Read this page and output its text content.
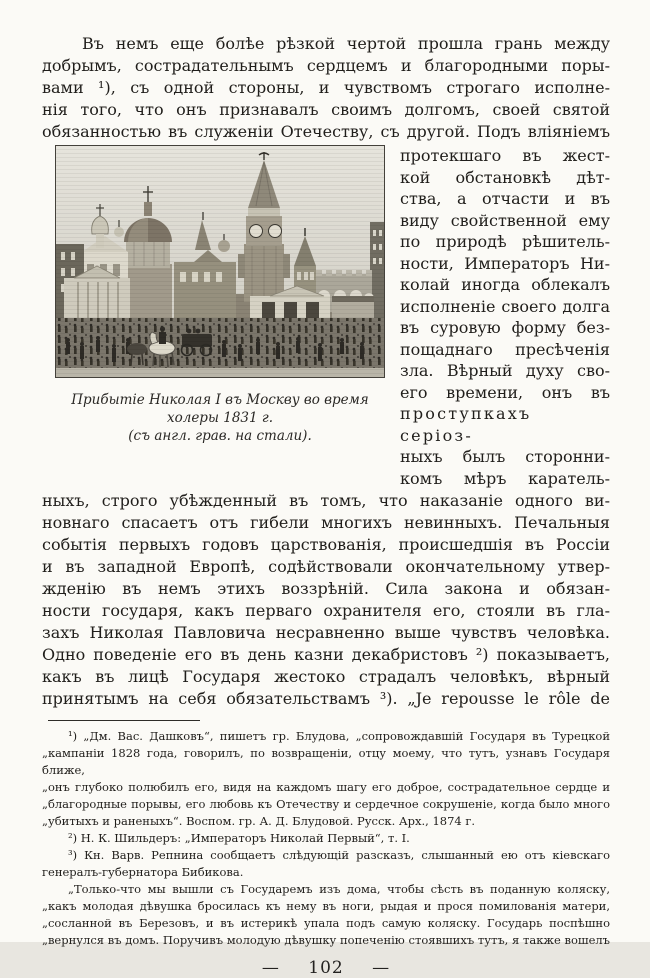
Въ немъ еще болѣе рѣзкой чертой прошла грань между
добрымъ, сострадательнымъ сердцемъ и благородными поры-
вами ¹), съ одной стороны, и чувствомъ строгаго исполне-
нія того, что онъ признавалъ своимъ долгомъ, своей святой
обязанностью въ служеніи Отечеству, съ другой. Подъ вліяніемъ
Прибытіе Николая I въ Москву во время холеры 1831 г.
(съ англ. грав. на стали).
протекшаго въ жест-
кой обстановкѣ дѣт-
ства, а отчасти и въ
виду свойственной ему
по природѣ рѣшитель-
ности, Императоръ Ни-
колай иногда облекалъ
исполненіе своего долга
въ суровую форму без-
пощаднаго пресѣченія
зла. Вѣрный духу сво-
его времени, онъ въ
проступкахъ серіоз-
ныхъ былъ сторонни-
комъ мѣръ каратель-
ныхъ, строго убѣжденный въ томъ, что наказаніе одного ви-
новнаго спасаетъ отъ гибели многихъ невинныхъ. Печальныя
событія первыхъ годовъ царствованія, происшедшія въ Россіи
и въ западной Европѣ, содѣйствовали окончательному утвер-
жденію въ немъ этихъ воззрѣній. Сила закона и обязан-
ности государя, какъ перваго охранителя его, стояли въ гла-
захъ Николая Павловича несравненно выше чувствъ человѣка.
Одно поведеніе его въ день казни декабристовъ ²) показываетъ,
какъ въ лицѣ Государя жестоко страдалъ человѣкъ, вѣрный
принятымъ на себя обязательствамъ ³). „Je repousse le rôle de
¹) „Дм. Вас. Дашковъ“, пишетъ гр. Блудова, „сопровождавшій Государя въ Турецкой
„кампаніи 1828 года, говорилъ, по возвращеніи, отцу моему, что тутъ, узнавъ Государя ближе,
„онъ глубоко полюбилъ его, видя на каждомъ шагу его доброе, сострадательное сердце и
„благородные порывы, его любовь къ Отечеству и сердечное сокрушеніе, когда было много
„убитыхъ и раненыхъ“. Воспом. гр. А. Д. Блудовой. Русск. Арх., 1874 г.
²) Н. К. Шильдеръ: „Императоръ Николай Первый“, т. I.
³) Кн. Варв. Репнина сообщаетъ слѣдующій разсказъ, слышанный ею отъ кіевскаго
генералъ-губернатора Бибикова.
„Только-что мы вышли съ Государемъ изъ дома, чтобы сѣсть въ поданную коляску,
„какъ молодая дѣвушка бросилась къ нему въ ноги, рыдая и прося помилованія матери,
„сосланной въ Березовъ, и въ истерикѣ упала подъ самую коляску. Государь поспѣшно
„вернулся въ домъ. Поручивъ молодую дѣвушку попеченію стоявшихъ тутъ, я также вошелъ
— 102 —
